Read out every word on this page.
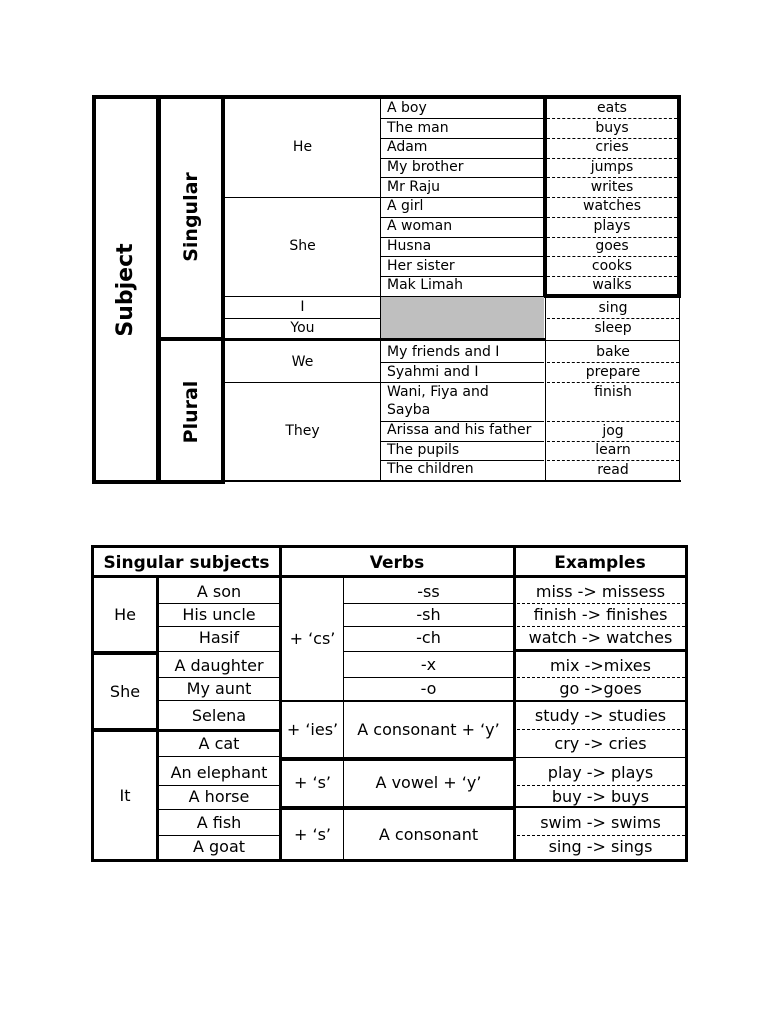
Subject
Singular
Plural
He
She
I
You
We
They
A boy
The man
Adam
My brother
Mr Raju
A girl
A woman
Husna
Her sister
Mak Limah
My friends and I
Syahmi and I
Wani, Fiya and
Sayba
Arissa and his father
The pupils
The children
eats
buys
cries
jumps
writes
watches
plays
goes
cooks
walks
sing
sleep
bake
prepare
finish
jog
learn
read
Singular subjects	Verbs	Examples
He
She
It
A son
His uncle
Hasif
A daughter
My aunt
Selena
A cat
An elephant
A horse
A fish
A goat
+ ‘cs’
+ ‘ies’
+ ‘s’
+ ‘s’
-ss
-sh
-ch
-x
-o
A consonant + ‘y’
A vowel + ‘y’
A consonant
miss -> missess
finish -> finishes
watch -> watches
mix ->mixes
go ->goes
study -> studies
cry -> cries
play -> plays
buy -> buys
swim -> swims
sing -> sings
